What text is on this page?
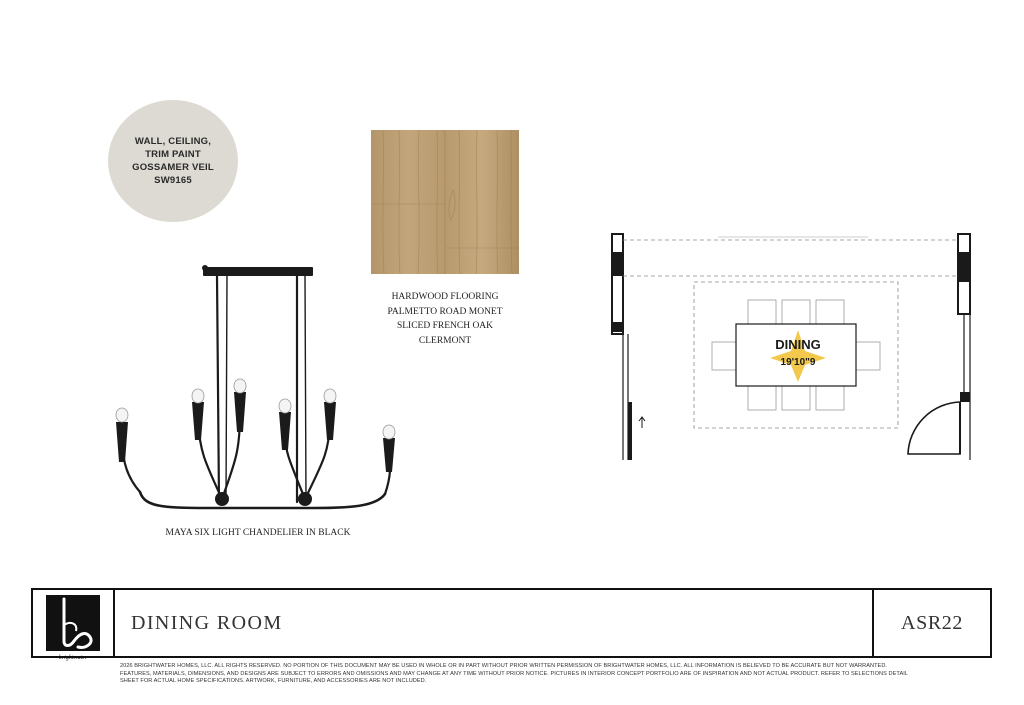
WALL, CEILING,
TRIM PAINT
GOSSAMER VEIL
SW9165
HARDWOOD FLOORING
PALMETTO ROAD MONET
SLICED FRENCH OAK
CLERMONT
MAYA SIX LIGHT CHANDELIER IN BLACK
DINING
19'10"9
brightwater
DINING ROOM	ASR22
2026 BRIGHTWATER HOMES, LLC. ALL RIGHTS RESERVED. NO PORTION OF THIS DOCUMENT MAY BE USED IN WHOLE OR IN PART WITHOUT PRIOR WRITTEN PERMISSION OF BRIGHTWATER HOMES, LLC. ALL INFORMATION IS BELIEVED TO BE ACCURATE BUT NOT WARRANTED. FEATURES, MATERIALS, DIMENSIONS, AND DESIGNS ARE SUBJECT TO ERRORS AND OMISSIONS AND MAY CHANGE AT ANY TIME WITHOUT PRIOR NOTICE. PICTURES IN INTERIOR CONCEPT PORTFOLIO ARE OF INSPIRATION AND NOT ACTUAL PRODUCT. REFER TO SELECTIONS DETAIL SHEET FOR ACTUAL HOME SPECIFICATIONS. ARTWORK, FURNITURE, AND ACCESSORIES ARE NOT INCLUDED.
